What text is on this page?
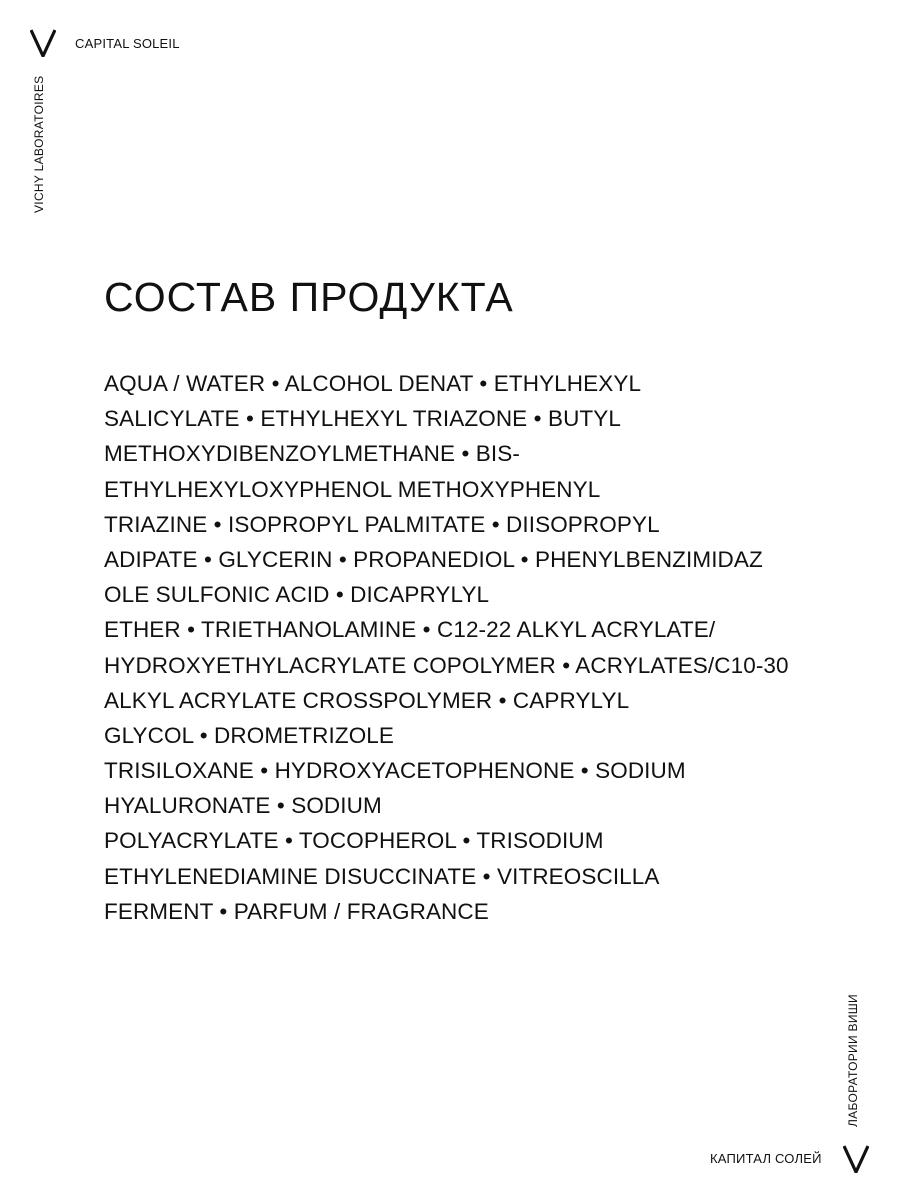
CAPITAL SOLEIL
VICHY LABORATOIRES
СОСТАВ ПРОДУКТА
AQUA / WATER • ALCOHOL DENAT • ETHYLHEXYL
SALICYLATE • ETHYLHEXYL TRIAZONE • BUTYL
METHOXYDIBENZOYLMETHANE • BIS-
ETHYLHEXYLOXYPHENOL METHOXYPHENYL
TRIAZINE • ISOPROPYL PALMITATE • DIISOPROPYL
ADIPATE • GLYCERIN • PROPANEDIOL • PHENYLBENZIMIDAZ
OLE SULFONIC ACID • DICAPRYLYL
ETHER • TRIETHANOLAMINE • C12-22 ALKYL ACRYLATE/
HYDROXYETHYLACRYLATE COPOLYMER • ACRYLATES/C10-30
ALKYL ACRYLATE CROSSPOLYMER • CAPRYLYL
GLYCOL • DROMETRIZOLE
TRISILOXANE • HYDROXYACETOPHENONE • SODIUM
HYALURONATE • SODIUM
POLYACRYLATE • TOCOPHEROL • TRISODIUM
ETHYLENEDIAMINE DISUCCINATE • VITREOSCILLA
FERMENT • PARFUM / FRAGRANCE
ЛАБОРАТОРИИ ВИШИ
КАПИТАЛ СОЛЕЙ
